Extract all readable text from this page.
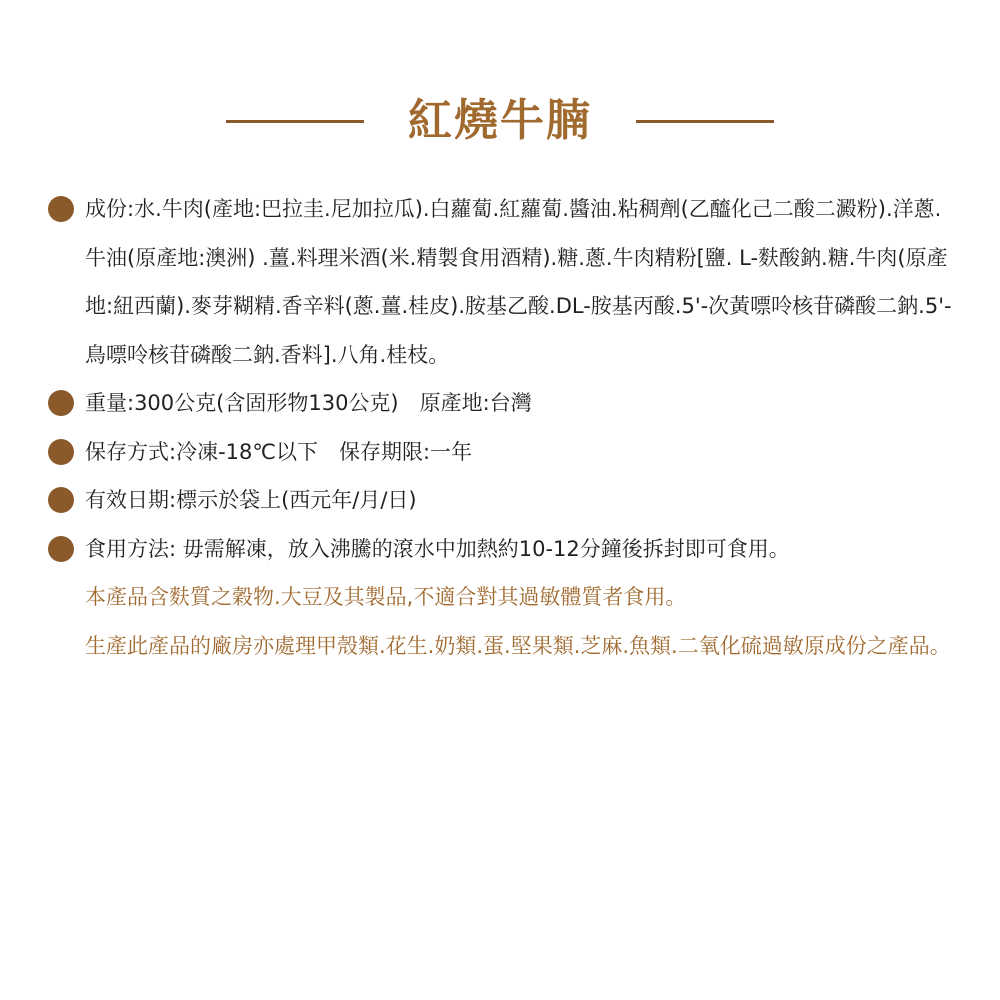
紅燒牛腩
成份:水.牛肉(產地:巴拉圭.尼加拉瓜).白蘿蔔.紅蘿蔔.醬油.粘稠劑(乙醯化己二酸二澱粉).洋蔥.牛油(原產地:澳洲) .薑.料理米酒(米.精製食用酒精).糖.蔥.牛肉精粉[鹽. L-麩酸鈉.糖.牛肉(原產地:紐西蘭).麥芽糊精.香辛料(蔥.薑.桂皮).胺基乙酸.DL-胺基丙酸.5'-次黃嘌呤核苷磷酸二鈉.5'-鳥嘌呤核苷磷酸二鈉.香料].八角.桂枝。
重量:300公克(含固形物130公克)　原產地:台灣
保存方式:冷凍-18℃以下　保存期限:一年
有效日期:標示於袋上(西元年/月/日)
食用方法: 毋需解凍，放入沸騰的滾水中加熱約10-12分鐘後拆封即可食用。
本產品含麩質之穀物.大豆及其製品,不適合對其過敏體質者食用。
生產此產品的廠房亦處理甲殼類.花生.奶類.蛋.堅果類.芝麻.魚類.二氧化硫過敏原成份之產品。
